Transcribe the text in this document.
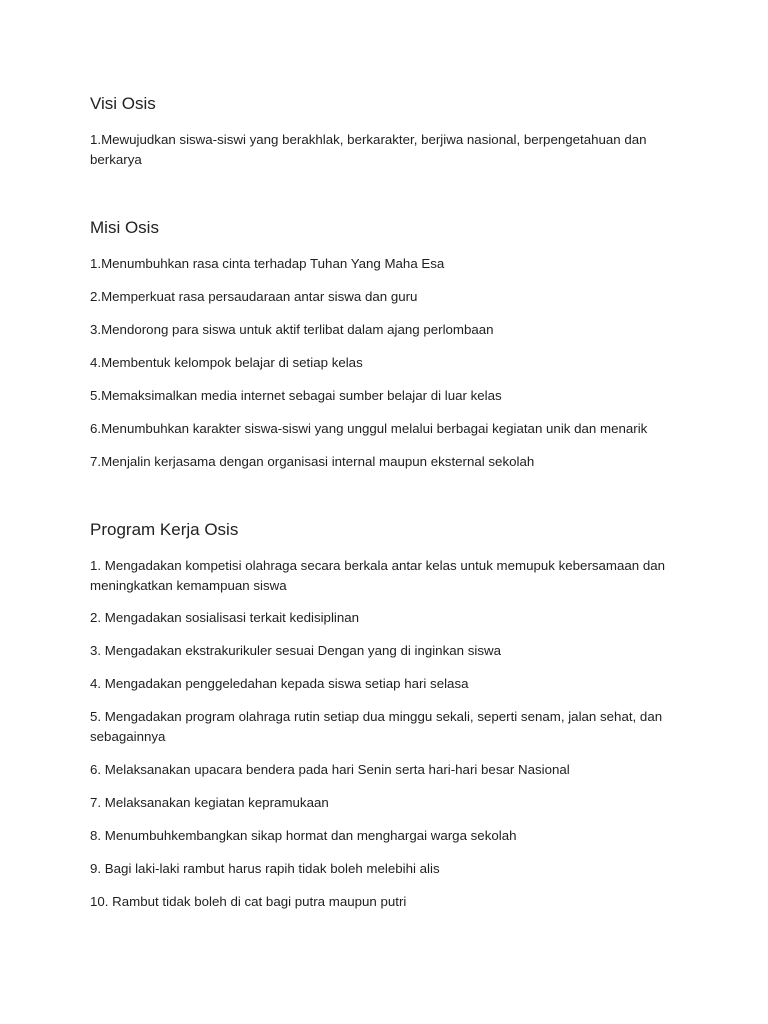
Visi Osis

1.Mewujudkan siswa-siswi yang berakhlak, berkarakter, berjiwa nasional, berpengetahuan dan berkarya

Misi Osis

1.Menumbuhkan rasa cinta terhadap Tuhan Yang Maha Esa

2.Memperkuat rasa persaudaraan antar siswa dan guru

3.Mendorong para siswa untuk aktif terlibat dalam ajang perlombaan

4.Membentuk kelompok belajar di setiap kelas

5.Memaksimalkan media internet sebagai sumber belajar di luar kelas

6.Menumbuhkan karakter siswa-siswi yang unggul melalui berbagai kegiatan unik dan menarik

7.Menjalin kerjasama dengan organisasi internal maupun eksternal sekolah

Program Kerja Osis

1. Mengadakan kompetisi olahraga secara berkala antar kelas untuk memupuk kebersamaan dan meningkatkan kemampuan siswa

2. Mengadakan sosialisasi terkait kedisiplinan

3. Mengadakan ekstrakurikuler sesuai Dengan yang di inginkan siswa

4. Mengadakan penggeledahan kepada siswa setiap hari selasa

5. Mengadakan program olahraga rutin setiap dua minggu sekali, seperti senam, jalan sehat, dan sebagainnya

6. Melaksanakan upacara bendera pada hari Senin serta hari-hari besar Nasional

7. Melaksanakan kegiatan kepramukaan

8. Menumbuhkembangkan sikap hormat dan menghargai warga sekolah

9. Bagi laki-laki rambut harus rapih tidak boleh melebihi alis

10. Rambut tidak boleh di cat bagi putra maupun putri
